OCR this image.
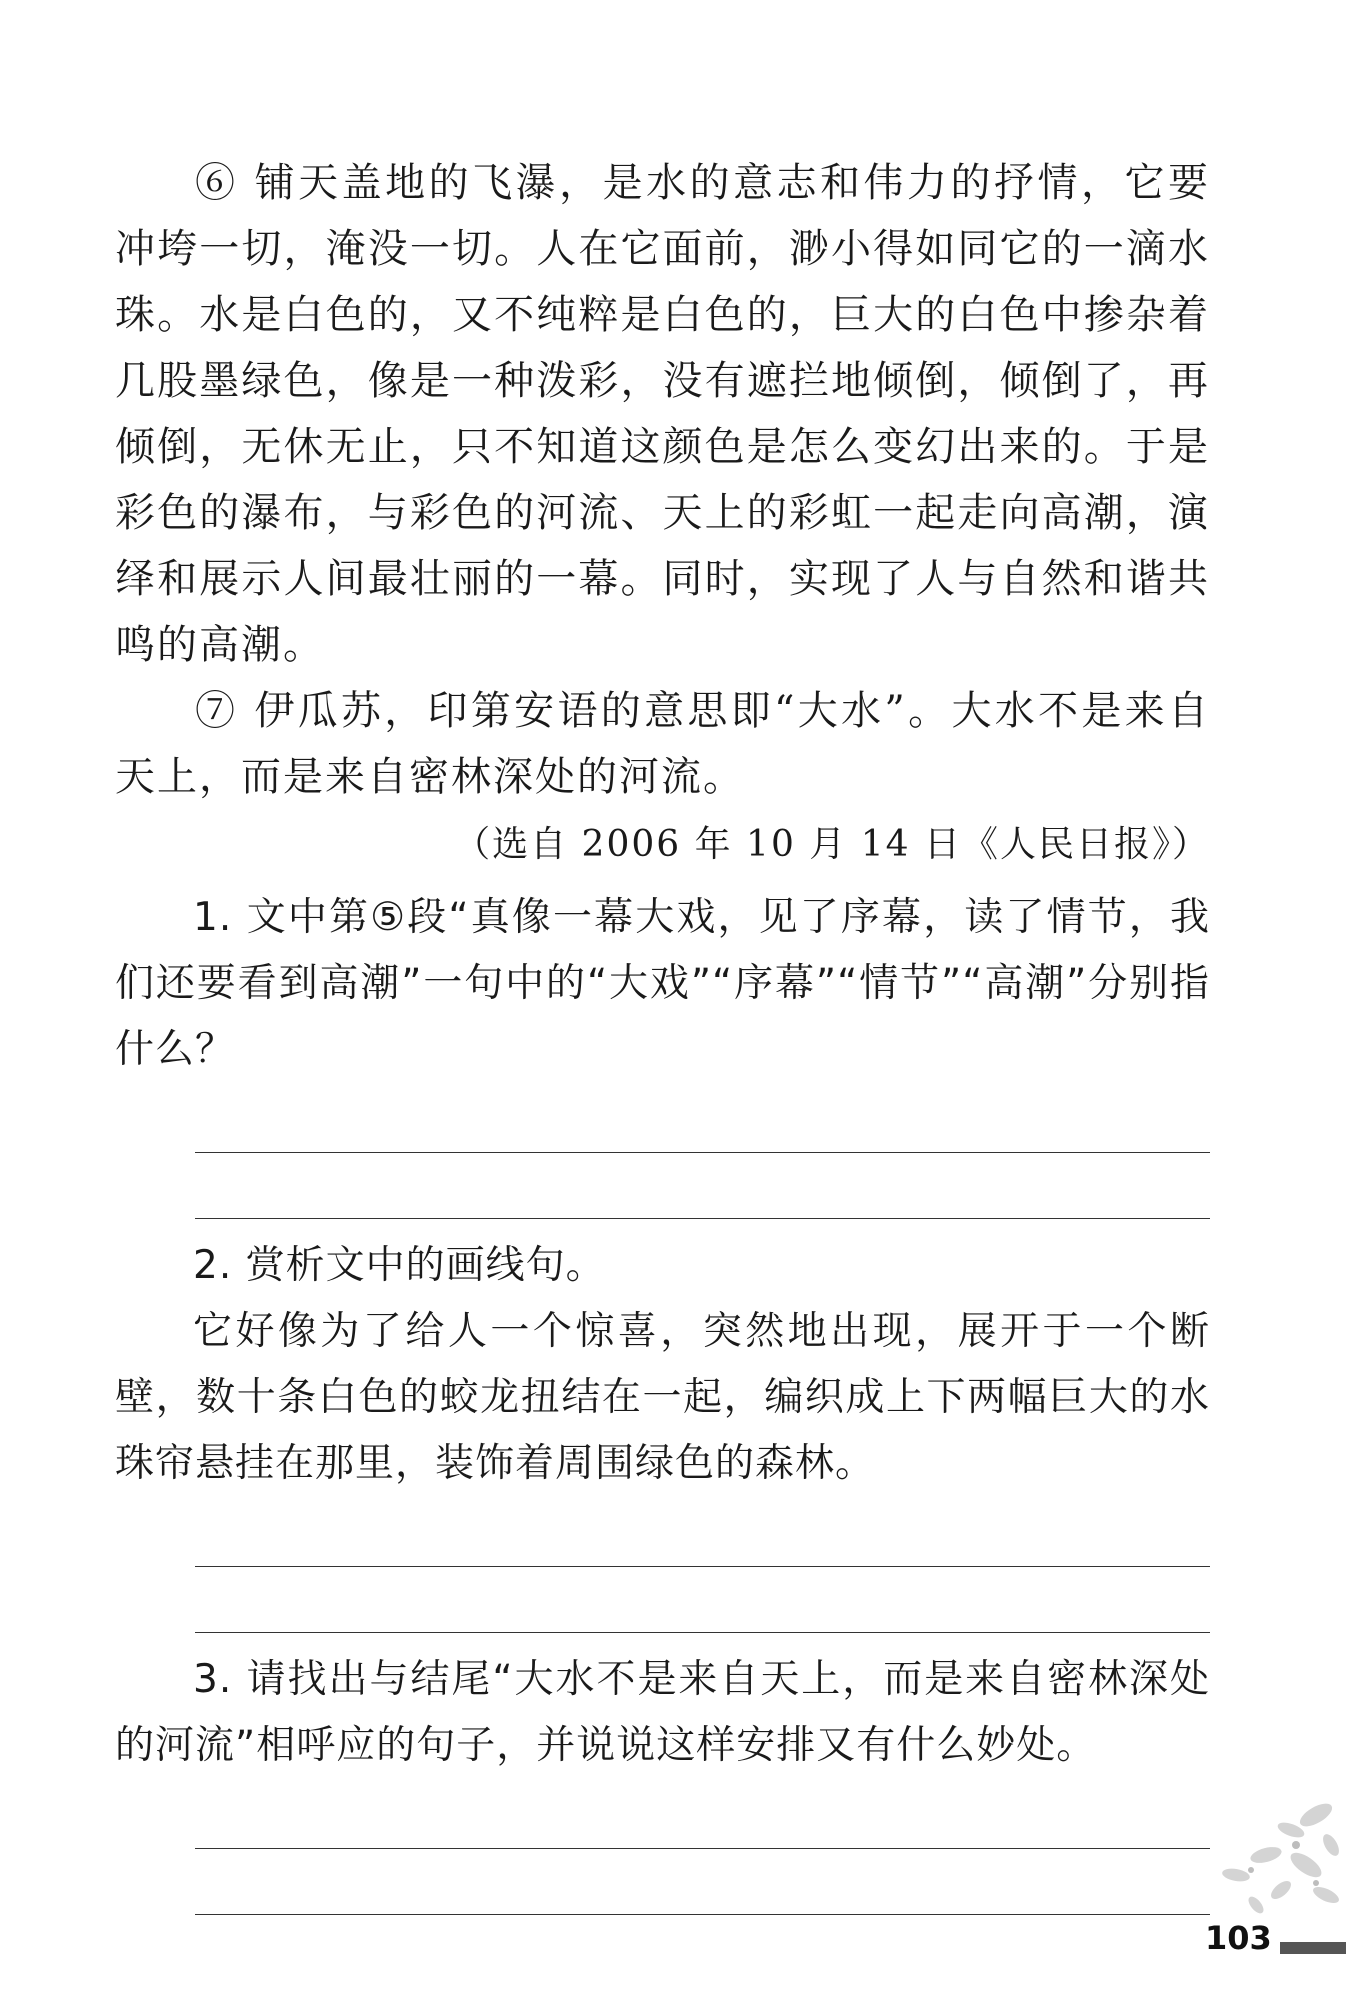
⑥ 铺天盖地的飞瀑，是水的意志和伟力的抒情，它要冲垮一切，淹没一切。人在它面前，渺小得如同它的一滴水珠。水是白色的，又不纯粹是白色的，巨大的白色中掺杂着几股墨绿色，像是一种泼彩，没有遮拦地倾倒，倾倒了，再倾倒，无休无止，只不知道这颜色是怎么变幻出来的。于是彩色的瀑布，与彩色的河流、天上的彩虹一起走向高潮，演绎和展示人间最壮丽的一幕。同时，实现了人与自然和谐共鸣的高潮。

⑦ 伊瓜苏，印第安语的意思即“大水”。大水不是来自天上，而是来自密林深处的河流。

（选自 2006 年 10 月 14 日《人民日报》）

1. 文中第⑤段“真像一幕大戏，见了序幕，读了情节，我们还要看到高潮”一句中的“大戏”“序幕”“情节”“高潮”分别指什么？

2. 赏析文中的画线句。

它好像为了给人一个惊喜，突然地出现，展开于一个断壁，数十条白色的蛟龙扭结在一起，编织成上下两幅巨大的水珠帘悬挂在那里，装饰着周围绿色的森林。

3. 请找出与结尾“大水不是来自天上，而是来自密林深处的河流”相呼应的句子，并说说这样安排又有什么妙处。

103
